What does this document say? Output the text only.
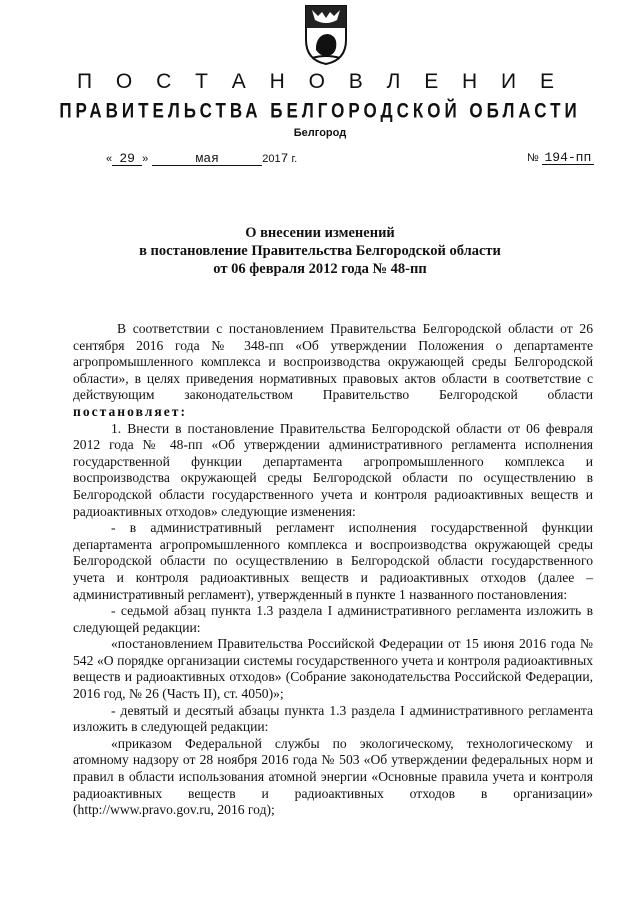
П О С Т А Н О В Л Е Н И Е
ПРАВИТЕЛЬСТВА БЕЛГОРОДСКОЙ ОБЛАСТИ
Белгород
« 29 »	мая	2017 г.	№ 194-пп
О внесении изменений
в постановление Правительства Белгородской области
от 06 февраля 2012 года № 48-пп

В соответствии с постановлением Правительства Белгородской области от 26 сентября 2016 года № 348-пп «Об утверждении Положения о департаменте агропромышленного комплекса и воспроизводства окружающей среды Белгородской области», в целях приведения нормативных правовых актов области в соответствие с действующим законодательством Правительство Белгородской области постановляет:

1. Внести в постановление Правительства Белгородской области от 06 февраля 2012 года № 48-пп «Об утверждении административного регламента исполнения государственной функции департамента агропромышленного комплекса и воспроизводства окружающей среды Белгородской области по осуществлению в Белгородской области государственного учета и контроля радиоактивных веществ и радиоактивных отходов» следующие изменения:

- в административный регламент исполнения государственной функции департамента агропромышленного комплекса и воспроизводства окружающей среды Белгородской области по осуществлению в Белгородской области государственного учета и контроля радиоактивных веществ и радиоактивных отходов (далее – административный регламент), утвержденный в пункте 1 названного постановления:

- седьмой абзац пункта 1.3 раздела I административного регламента изложить в следующей редакции:

«постановлением Правительства Российской Федерации от 15 июня 2016 года № 542 «О порядке организации системы государственного учета и контроля радиоактивных веществ и радиоактивных отходов» (Собрание законодательства Российской Федерации, 2016 год, № 26 (Часть II), ст. 4050)»;

- девятый и десятый абзацы пункта 1.3 раздела I административного регламента изложить в следующей редакции:

«приказом Федеральной службы по экологическому, технологическому и атомному надзору от 28 ноября 2016 года № 503 «Об утверждении федеральных норм и правил в области использования атомной энергии «Основные правила учета и контроля радиоактивных веществ и радиоактивных отходов в организации» (http://www.pravo.gov.ru, 2016 год);
